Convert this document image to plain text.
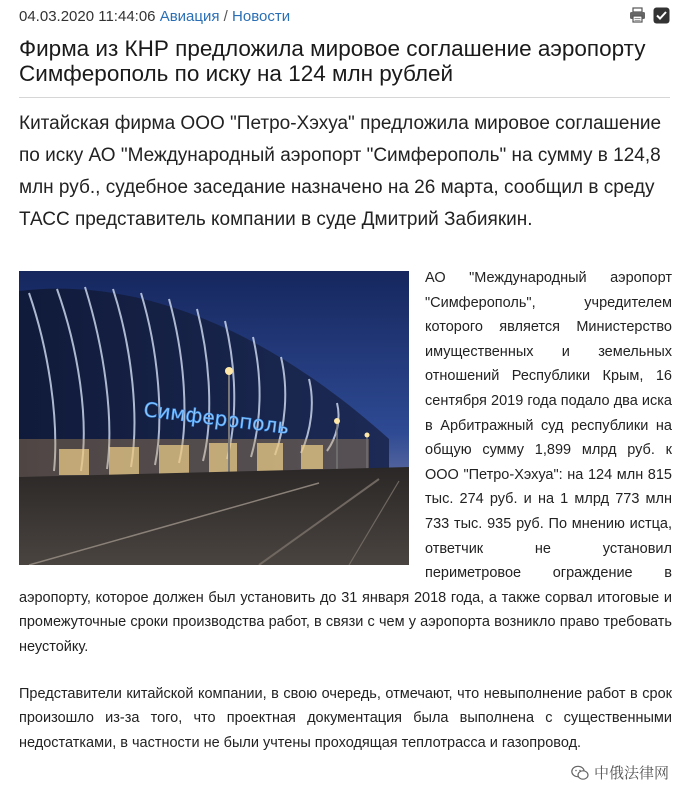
04.03.2020 11:44:06 Авиация / Новости
Фирма из КНР предложила мировое соглашение аэропорту Симферополь по иску на 124 млн рублей

Китайская фирма ООО "Петро-Хэхуа" предложила мировое соглашение по иску АО "Международный аэропорт "Симферополь" на сумму в 124,8 млн руб., судебное заседание назначено на 26 марта, сообщил в среду ТАСС представитель компании в суде Дмитрий Забиякин.

Симферополь

АО "Международный аэропорт "Симферополь", учредителем которого является Министерство имущественных и земельных отношений Республики Крым, 16 сентября 2019 года подало два иска в Арбитражный суд республики на общую сумму 1,899 млрд руб. к ООО "Петро-Хэхуа": на 124 млн 815 тыс. 274 руб. и на 1 млрд 773 млн 733 тыс. 935 руб. По мнению истца, ответчик не установил периметровое ограждение в аэропорту, которое должен был установить до 31 января 2018 года, а также сорвал итоговые и промежуточные сроки производства работ, в связи с чем у аэропорта возникло право требовать неустойку.

Представители китайской компании, в свою очередь, отмечают, что невыполнение работ в срок произошло из-за того, что проектная документация была выполнена с существенными недостатками, в частности не были учтены проходящая теплотрасса и газопровод.

中俄法律网
